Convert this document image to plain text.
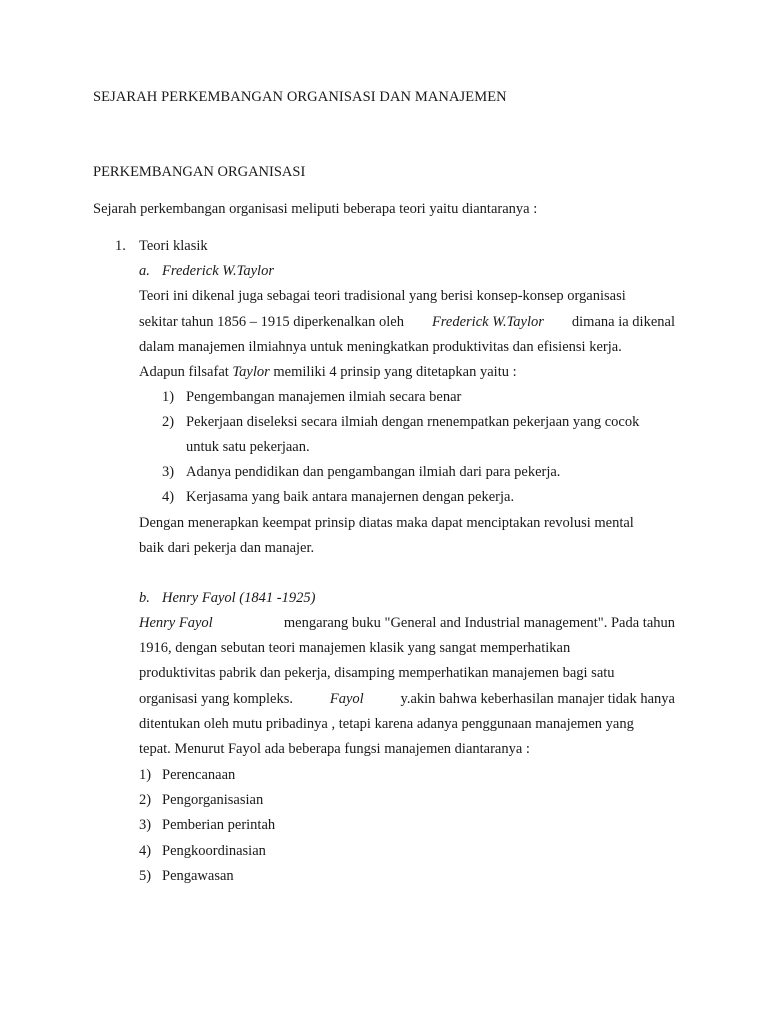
SEJARAH PERKEMBANGAN ORGANISASI DAN MANAJEMEN
PERKEMBANGAN ORGANISASI
Sejarah perkembangan organisasi meliputi beberapa teori yaitu diantaranya :
1. Teori klasik
a. Frederick W.Taylor
Teori ini dikenal juga sebagai teori tradisional yang berisi konsep-konsep organisasi
sekitar tahun 1856 – 1915 diperkenalkan oleh Frederick W.Taylor dimana ia dikenal
dalam manajemen ilmiahnya untuk meningkatkan produktivitas dan efisiensi kerja.
Adapun filsafat Taylor memiliki 4 prinsip yang ditetapkan yaitu :
1) Pengembangan manajemen ilmiah secara benar
2) Pekerjaan diseleksi secara ilmiah dengan rnenempatkan pekerjaan yang cocok
untuk satu pekerjaan.
3) Adanya pendidikan dan pengambangan ilmiah dari para pekerja.
4) Kerjasama yang baik antara manajernen dengan pekerja.
Dengan menerapkan keempat prinsip diatas maka dapat menciptakan revolusi mental
baik dari pekerja dan manajer.
b. Henry Fayol (1841 -1925)
Henry Fayol	mengarang buku "General and Industrial management". Pada tahun
1916, dengan sebutan teori manajemen klasik yang sangat memperhatikan
produktivitas pabrik dan pekerja, disamping memperhatikan manajemen bagi satu
organisasi yang kompleks. Fayol y.akin bahwa keberhasilan manajer tidak hanya
ditentukan oleh mutu pribadinya , tetapi karena adanya penggunaan manajemen yang
tepat. Menurut Fayol ada beberapa fungsi manajemen diantaranya :
1) Perencanaan
2) Pengorganisasian
3) Pemberian perintah
4) Pengkoordinasian
5) Pengawasan
